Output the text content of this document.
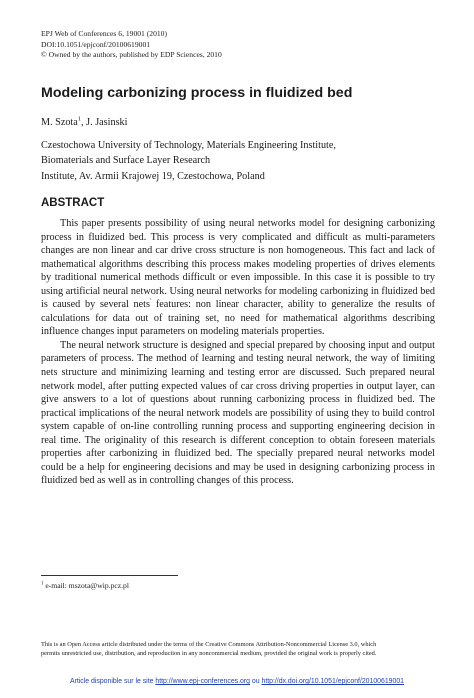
EPJ Web of Conferences 6, 19001 (2010)
DOI:10.1051/epjconf/20100619001
© Owned by the authors, published by EDP Sciences, 2010
Modeling carbonizing process in fluidized bed
M. Szota$^1$, J. Jasinski
Czestochowa University of Technology, Materials Engineering Institute,
Biomaterials and Surface Layer Research
Institute, Av. Armii Krajowej 19, Czestochowa, Poland
ABSTRACT

This paper presents possibility of using neural networks model for designing carbonizing process in fluidized bed. This process is very complicated and difficult as multi-parameters changes are non linear and car drive cross structure is non homogeneous. This fact and lack of mathematical algorithms describing this process makes modeling properties of drives elements by traditional numerical methods difficult or even impossible. In this case it is possible to try using artificial neural network. Using neural networks for modeling carbonizing in fluidized bed is caused by several nets' features: non linear character, ability to generalize the results of calculations for data out of training set, no need for mathematical algorithms describing influence changes input parameters on modeling materials properties.

The neural network structure is designed and special prepared by choosing input and output parameters of process. The method of learning and testing neural network, the way of limiting nets structure and minimizing learning and testing error are discussed. Such prepared neural network model, after putting expected values of car cross driving properties in output layer, can give answers to a lot of questions about running carbonizing process in fluidized bed. The practical implications of the neural network models are possibility of using they to build control system capable of on-line controlling running process and supporting engineering decision in real time. The originality of this research is different conception to obtain foreseen materials properties after carbonizing in fluidized bed. The specially prepared neural networks model could be a help for engineering decisions and may be used in designing carbonizing process in fluidized bed as well as in controlling changes of this process.

$^1$ e-mail: mszota@wip.pcz.pl
This is an Open Access article distributed under the terms of the Creative Commons Attribution-Noncommercial License 3.0, which
permits unrestricted use, distribution, and reproduction in any noncommercial medium, provided the original work is properly cited.
Article disponible sur le site http://www.epj-conferences.org ou http://dx.doi.org/10.1051/epjconf/20100619001
